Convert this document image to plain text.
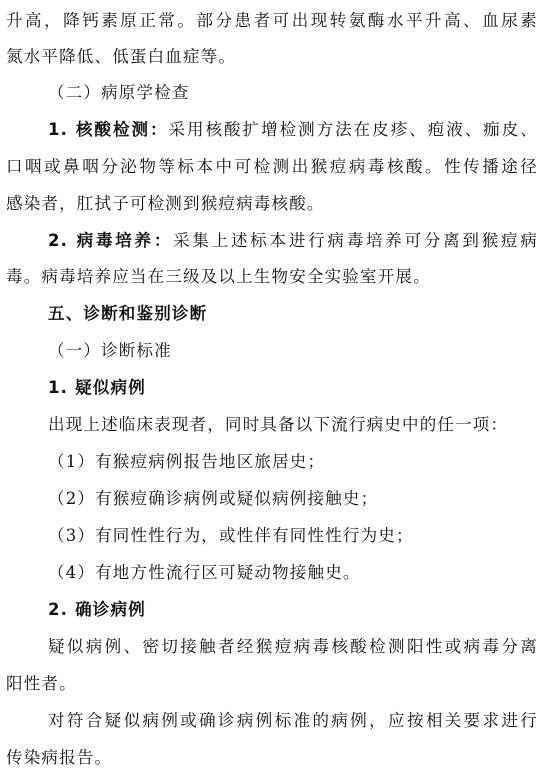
升高，降钙素原正常。部分患者可出现转氨酶水平升高、血尿素
氮水平降低、低蛋白血症等。
（二）病原学检查
1. 核酸检测：采用核酸扩增检测方法在皮疹、疱液、痂皮、
口咽或鼻咽分泌物等标本中可检测出猴痘病毒核酸。性传播途径
感染者，肛拭子可检测到猴痘病毒核酸。
2. 病毒培养：采集上述标本进行病毒培养可分离到猴痘病
毒。病毒培养应当在三级及以上生物安全实验室开展。
五、诊断和鉴别诊断
（一）诊断标准
1. 疑似病例
出现上述临床表现者，同时具备以下流行病史中的任一项：
（1）有猴痘病例报告地区旅居史；
（2）有猴痘确诊病例或疑似病例接触史；
（3）有同性性行为，或性伴有同性性行为史；
（4）有地方性流行区可疑动物接触史。
2. 确诊病例
疑似病例、密切接触者经猴痘病毒核酸检测阳性或病毒分离
阳性者。
对符合疑似病例或确诊病例标准的病例，应按相关要求进行
传染病报告。
